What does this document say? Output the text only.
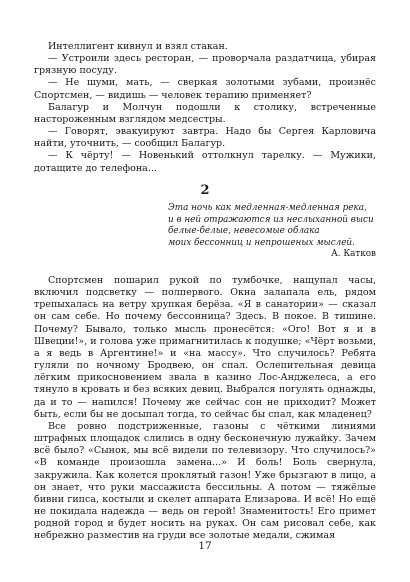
Интеллигент кивнул и взял стакан.

— Устроили здесь ресторан, — проворчала раздатчица, убирая грязную посуду.

— Не шуми, мать, — сверкая золотыми зубами, произнёс Спортсмен, — видишь — человек терапию применяет?

Балагур и Молчун подошли к столику, встреченные настороженным взглядом медсестры.

— Говорят, эвакуируют завтра. Надо бы Сергея Карловича найти, уточнить, — сообщил Балагур.

— К чёрту! — Новенький оттолкнул тарелку. — Мужики, дотащите до телефона...

2

Эта ночь как медленная-медленная река,

и в ней отражаются из неслыханной выси

белые-белые, невесомые облака

моих бессонниц и непрошеных мыслей.

А. Катков

Спортсмен пошарил рукой по тумбочке, нащупал часы, включил подсветку — полпервого. Окна залапала ель, рядом трепыхалась на ветру хрупкая берёза. «Я в санатории» — сказал он сам себе. Но почему бессонница? Здесь. В покое. В тишине. Почему? Бывало, только мысль пронесётся: «Ого! Вот я и в Швеции!», и голова уже примагнитилась к подушке; «Чёрт возьми, а я ведь в Аргентине!» и «на массу». Что случилось? Ребята гуляли по ночному Бродвею, он спал. Ослепительная девица лёгким прикосновением звала в казино Лос-Анджелеса, а его тянуло в кровать и без всяких девиц. Выбрался погулять однажды, да и то — напился! Почему же сейчас сон не приходит? Может быть, если бы не досыпал тогда, то сейчас бы спал, как младенец?

Все ровно подстриженные, газоны с чёткими линиями штрафных площадок слились в одну бесконечную лужайку. Зачем всё было? «Сынок, мы всё видели по телевизору. Что случилось?» «В команде произошла замена...» И боль! Боль свернула, закружила. Как колется проклятый газон! Уже брызгают в лицо, а он знает, что руки массажиста бессильны. А потом — тяжёлые бивни гипса, костыли и скелет аппарата Елизарова. И всё! Но ещё не покидала надежда — ведь он герой! Знаменитость! Его примет родной город и будет носить на руках. Он сам рисовал себе, как небрежно разместив на груди все золотые медали, сжимая

17
